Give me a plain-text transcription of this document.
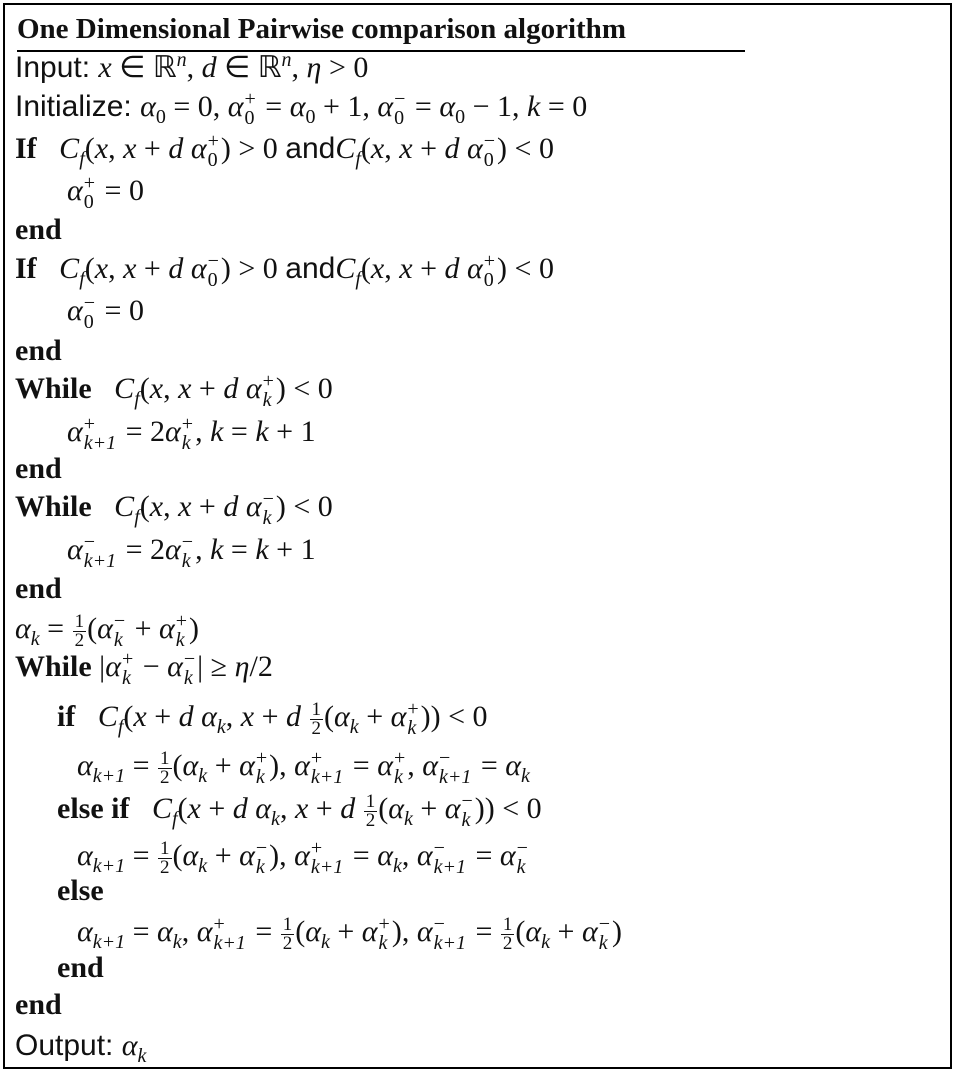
One Dimensional Pairwise comparison algorithm
Input: x ∈ ℝ$^n$, d ∈ ℝ$^n$, η > 0
Initialize: $\alpha_0 = 0$, α +
$0 = \alpha_0 + 1$, α −
$0 = \alpha_0 - 1$, k = 0
If $C_f(x$, x + d α +
0 ) > 0 andC$_f$(x, x + d α −
0 ) < 0
α +
0 = 0
end
If $C_f(x$, x + d α −
0 ) > 0 andC$_f$(x, x + d α +
0 ) < 0
α −
0 = 0
end
While $C_f(x$, x + d α +
k ) < 0
α +
k+1 = 2α +
k , k = k + 1
end
While $C_f(x$, x + d α −
k ) < 0
α −
k+1 = 2α −
k , k = k + 1
end
$\alpha_k = \frac{1}{2} (\alpha$ −
k + α +
k )
While |α +
k − α −
k | ≥ η/2
if $C_f(x + d$ $\alpha_k$, x + d $\frac{1}{2} (\alpha_k + \alpha$ +
k )) < 0
$\alpha_{k+1} = \frac{1}{2} (\alpha_k + \alpha$ +
k ), α +
k+1 = α +
k , α −
$k+1 = \alpha_k$
else if $C_f(x + d$ $\alpha_k$, x + d $\frac{1}{2} (\alpha_k + \alpha$ −
k )) < 0
$\alpha_{k+1} = \frac{1}{2} (\alpha_k + \alpha$ −
k ), α +
$k+1 = \alpha_k$, α −
k+1 = α −
k
else
$\alpha_{k+1} = \alpha_k$, α +
$k+1 = \frac{1}{2} (\alpha_k + \alpha$ +
k ), α −
$k+1 = \frac{1}{2} (\alpha_k + \alpha$ −
k )
end
end
Output: $\alpha_k$
